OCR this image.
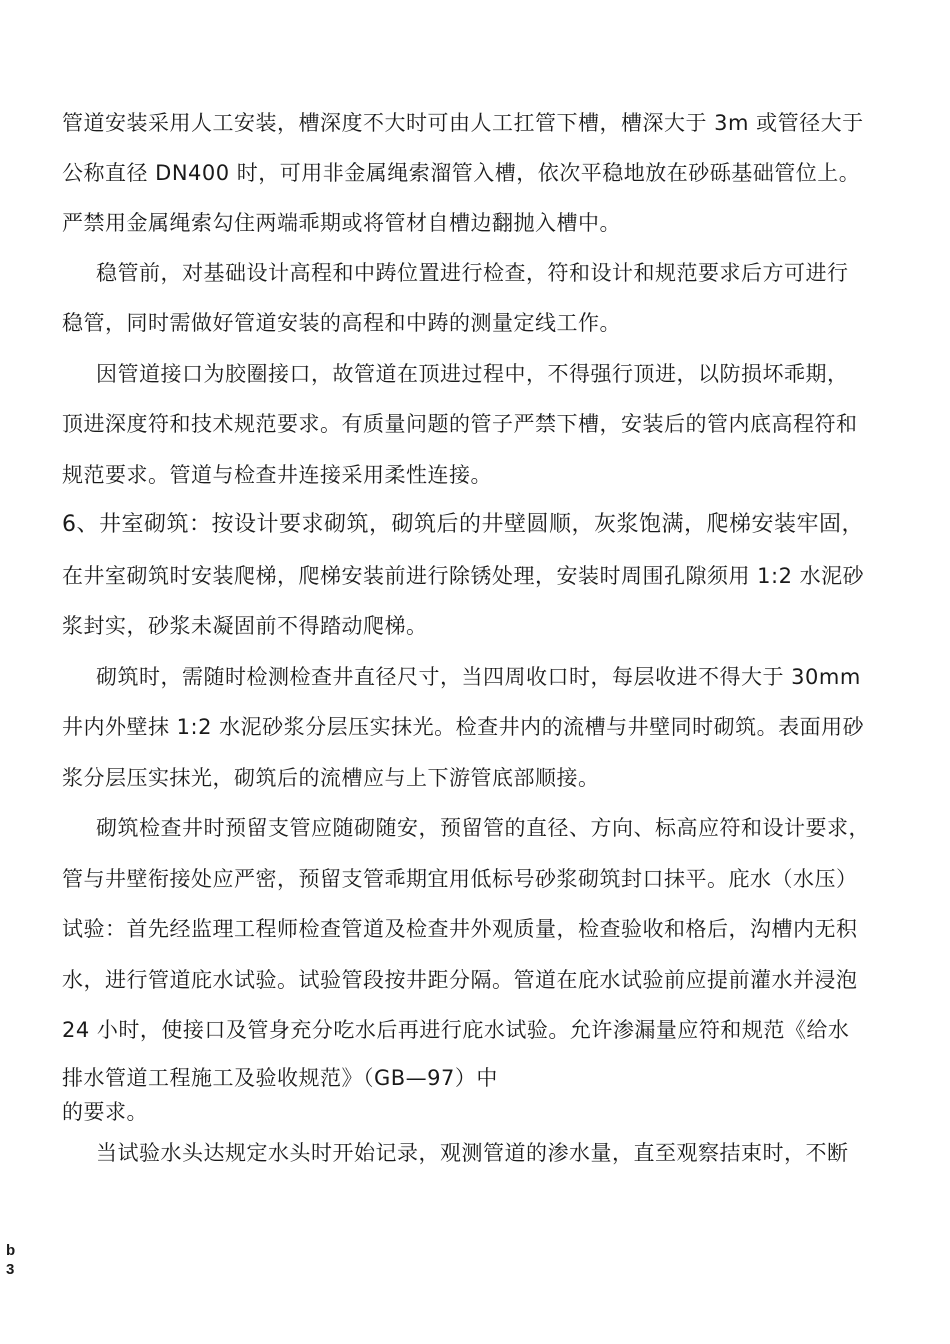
管道安装采用人工安装，槽深度不大时可由人工扛管下槽，槽深大于 3m 或管径大于
公称直径 DN400 时，可用非金属绳索溜管入槽，依次平稳地放在砂砾基础管位上。
严禁用金属绳索勾住两端乖期或将管材自槽边翻抛入槽中。
稳管前，对基础设计高程和中踌位置进行检查，符和设计和规范要求后方可进行
稳管，同时需做好管道安装的高程和中踌的测量定线工作。
因管道接口为胶圈接口，故管道在顶进过程中，不得强行顶进，以防损坏乖期，
顶进深度符和技术规范要求。有质量问题的管子严禁下槽，安装后的管内底高程符和
规范要求。管道与检查井连接采用柔性连接。
6、井室砌筑：按设计要求砌筑，砌筑后的井壁圆顺，灰浆饱满，爬梯安装牢固，
在井室砌筑时安装爬梯，爬梯安装前进行除锈处理，安装时周围孔隙须用 1:2 水泥砂
浆封实，砂浆未凝固前不得踏动爬梯。
砌筑时，需随时检测检查井直径尺寸，当四周收口时，每层收进不得大于 30mm
井内外壁抹 1:2 水泥砂浆分层压实抹光。检查井内的流槽与井壁同时砌筑。表面用砂
浆分层压实抹光，砌筑后的流槽应与上下游管底部顺接。
砌筑检查井时预留支管应随砌随安，预留管的直径、方向、标高应符和设计要求，
管与井壁衔接处应严密，预留支管乖期宜用低标号砂浆砌筑封口抹平。庇水（水压）
试验：首先经监理工程师检查管道及检查井外观质量，检查验收和格后，沟槽内无积
水，进行管道庇水试验。试验管段按井距分隔。管道在庇水试验前应提前灌水并浸泡
24 小时，使接口及管身充分吃水后再进行庇水试验。允许渗漏量应符和规范《给水
排水管道工程施工及验收规范》（GB—97）中
的要求。
当试验水头达规定水头时开始记录，观测管道的渗水量，直至观察拮束时，不断
b
3
